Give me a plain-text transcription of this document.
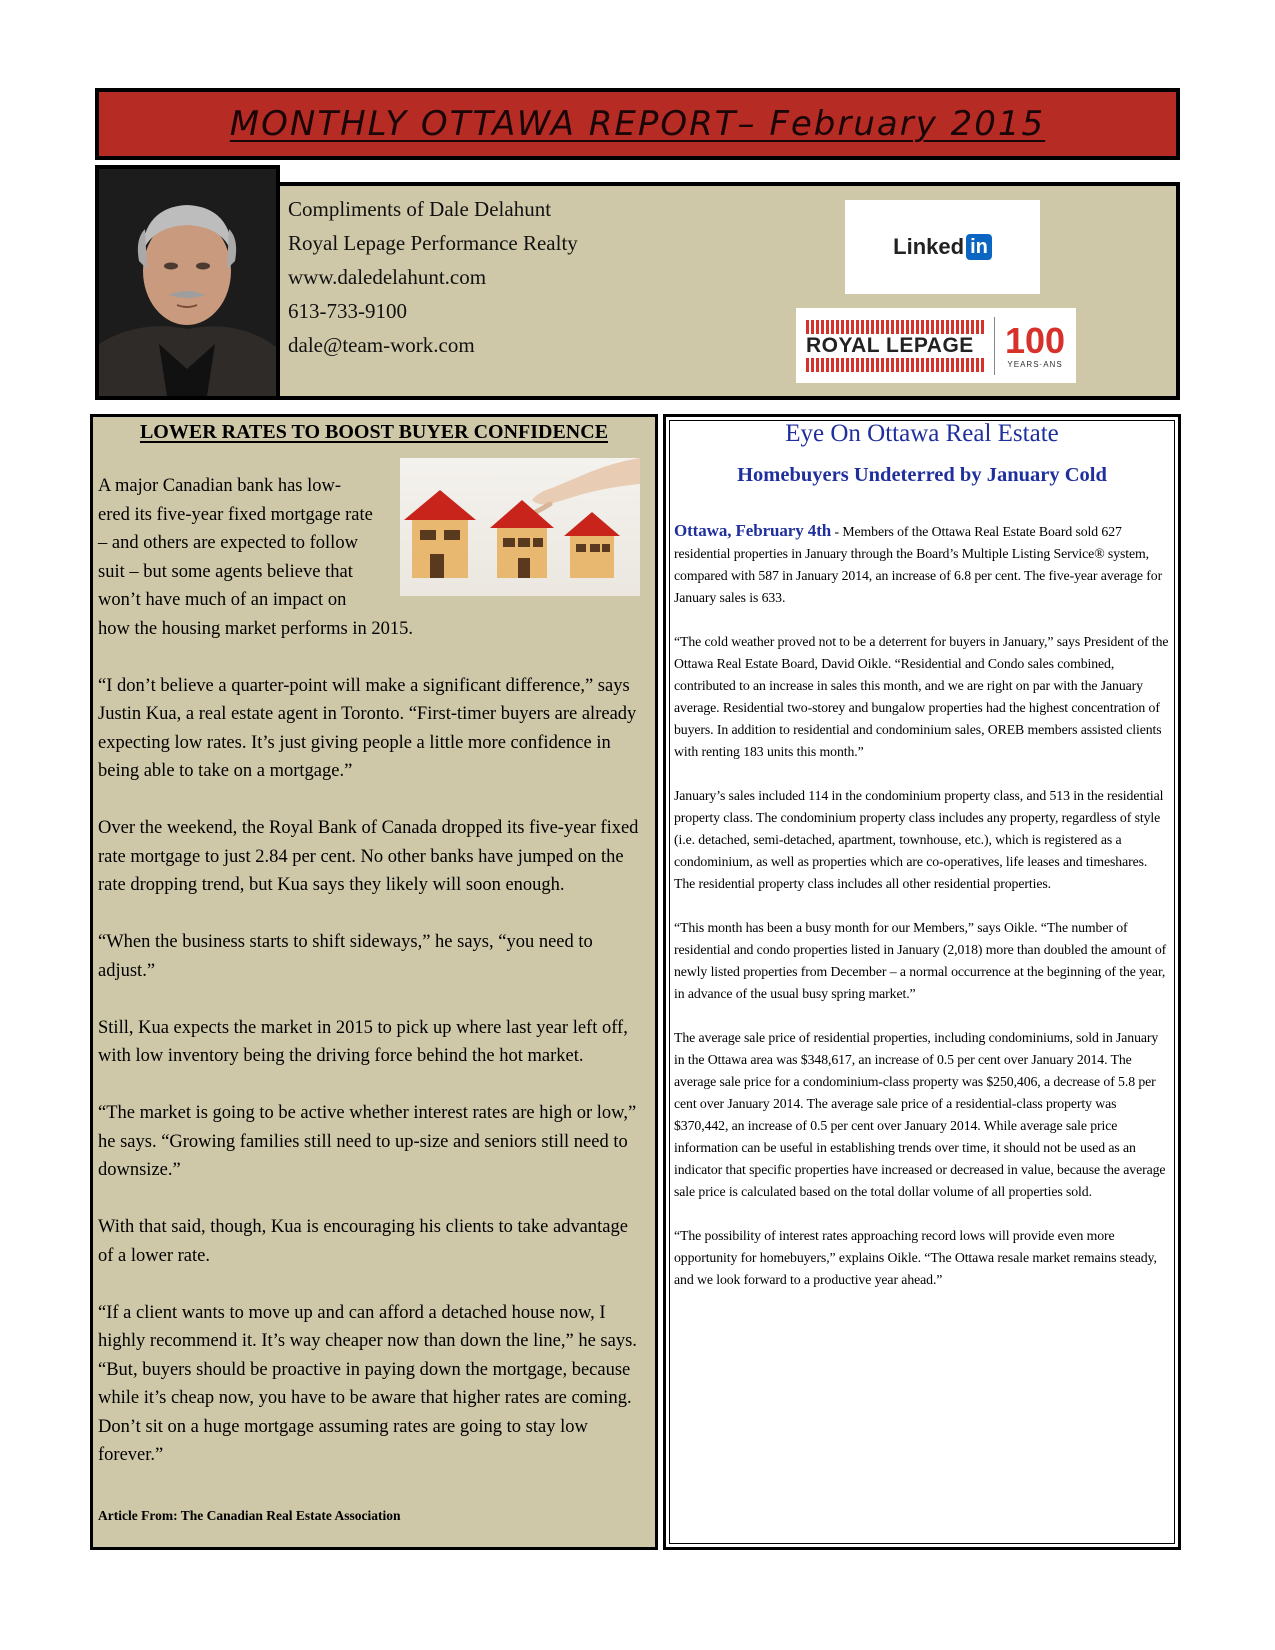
MONTHLY OTTAWA REPORT– February 2015
Compliments of Dale Delahunt
Royal Lepage Performance Realty
www.daledelahunt.com
613-733-9100
dale@team-work.com
Linked in
ROYAL LEPAGE 100
YEARS·ANS
LOWER RATES TO BOOST BUYER CONFIDENCE
A major Canadian bank has low-
ered its five-year fixed mortgage rate
– and others are expected to follow
suit – but some agents believe that
won’t have much of an impact on

how the housing market performs in 2015.

“I don’t believe a quarter-point will make a significant difference,” says Justin Kua, a real estate agent in Toronto. “First-timer buyers are already expecting low rates. It’s just giving people a little more confidence in being able to take on a mortgage.”

Over the weekend, the Royal Bank of Canada dropped its five-year fixed rate mortgage to just 2.84 per cent. No other banks have jumped on the rate dropping trend, but Kua says they likely will soon enough.

“When the business starts to shift sideways,” he says, “you need to adjust.”

Still, Kua expects the market in 2015 to pick up where last year left off, with low inventory being the driving force behind the hot market.

“The market is going to be active whether interest rates are high or low,” he says. “Growing families still need to up-size and seniors still need to downsize.”

With that said, though, Kua is encouraging his clients to take advantage of a lower rate.

“If a client wants to move up and can afford a detached house now, I highly recommend it. It’s way cheaper now than down the line,” he says. “But, buyers should be proactive in paying down the mortgage, because while it’s cheap now, you have to be aware that higher rates are coming. Don’t sit on a huge mortgage assuming rates are going to stay low forever.”

Article From: The Canadian Real Estate Association
Eye On Ottawa Real Estate
Homebuyers Undeterred by January Cold

Ottawa, February 4th - Members of the Ottawa Real Estate Board sold 627 residential properties in January through the Board’s Multiple Listing Service® system, compared with 587 in January 2014, an increase of 6.8 per cent. The five-year average for January sales is 633.

“The cold weather proved not to be a deterrent for buyers in January,” says President of the Ottawa Real Estate Board, David Oikle. “Residential and Condo sales combined, contributed to an increase in sales this month, and we are right on par with the January average. Residential two-storey and bungalow properties had the highest concentration of buyers. In addition to residential and condominium sales, OREB members assisted clients with renting 183 units this month.”

January’s sales included 114 in the condominium property class, and 513 in the residential property class. The condominium property class includes any property, regardless of style (i.e. detached, semi-detached, apartment, townhouse, etc.), which is registered as a condominium, as well as properties which are co-operatives, life leases and timeshares. The residential property class includes all other residential properties.

“This month has been a busy month for our Members,” says Oikle. “The number of residential and condo properties listed in January (2,018) more than doubled the amount of newly listed properties from December – a normal occurrence at the beginning of the year, in advance of the usual busy spring market.”

The average sale price of residential properties, including condominiums, sold in January in the Ottawa area was $348,617, an increase of 0.5 per cent over January 2014. The average sale price for a condominium-class property was $250,406, a decrease of 5.8 per cent over January 2014. The average sale price of a residential-class property was $370,442, an increase of 0.5 per cent over January 2014. While average sale price information can be useful in establishing trends over time, it should not be used as an indicator that specific properties have increased or decreased in value, because the average sale price is calculated based on the total dollar volume of all properties sold.

“The possibility of interest rates approaching record lows will provide even more opportunity for homebuyers,” explains Oikle. “The Ottawa resale market remains steady, and we look forward to a productive year ahead.”
